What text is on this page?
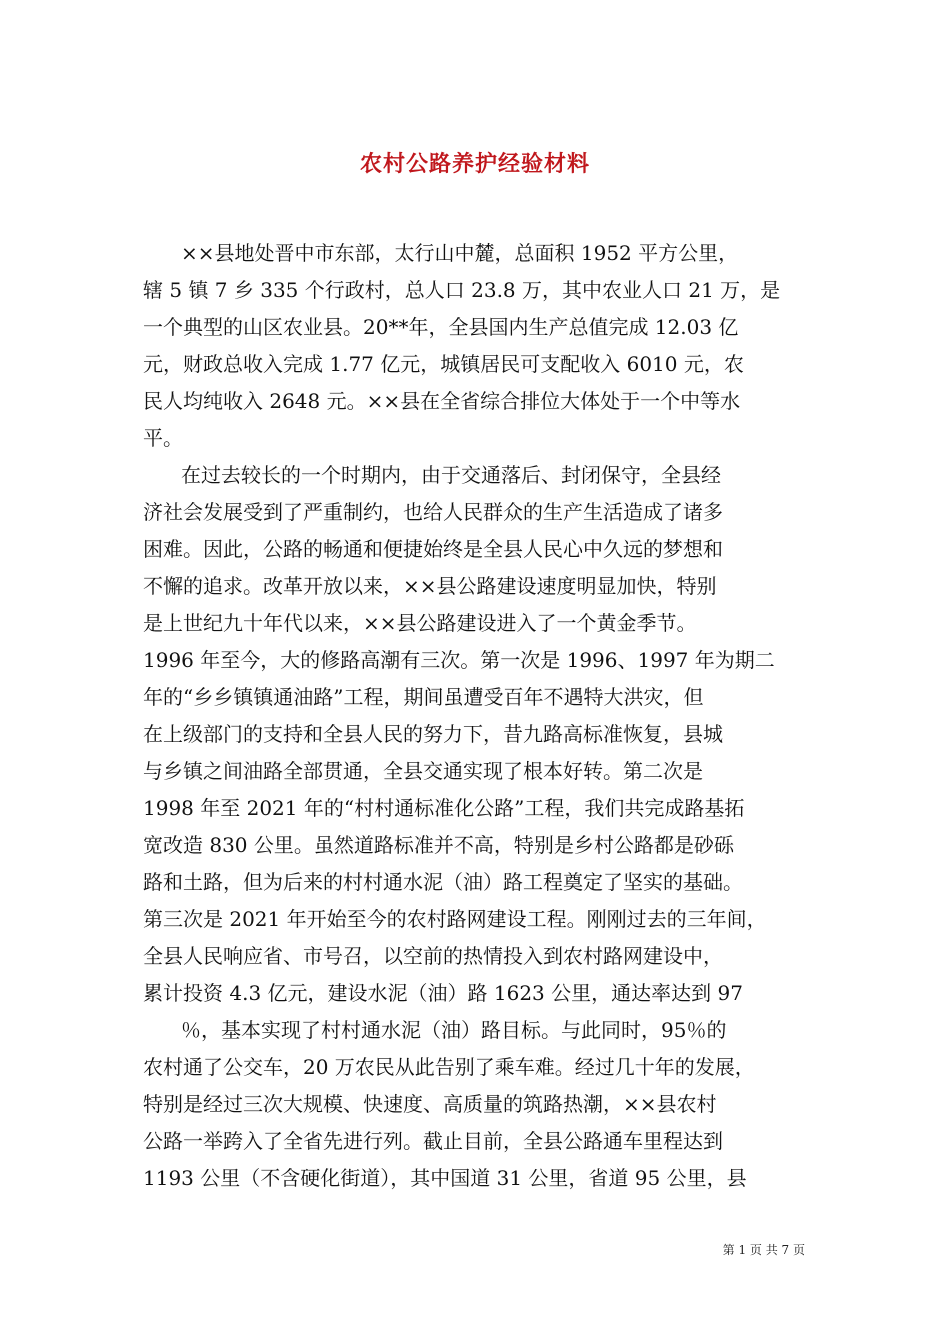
农村公路养护经验材料
××县地处晋中市东部，太行山中麓，总面积 1952 平方公里，
辖 5 镇 7 乡 335 个行政村，总人口 23.8 万，其中农业人口 21 万，是
一个典型的山区农业县。20**年，全县国内生产总值完成 12.03 亿
元，财政总收入完成 1.77 亿元，城镇居民可支配收入 6010 元，农
民人均纯收入 2648 元。××县在全省综合排位大体处于一个中等水
平。
在过去较长的一个时期内，由于交通落后、封闭保守，全县经
济社会发展受到了严重制约，也给人民群众的生产生活造成了诸多
困难。因此，公路的畅通和便捷始终是全县人民心中久远的梦想和
不懈的追求。改革开放以来，××县公路建设速度明显加快，特别
是上世纪九十年代以来，××县公路建设进入了一个黄金季节。
1996 年至今，大的修路高潮有三次。第一次是 1996、1997 年为期二
年的“乡乡镇镇通油路”工程，期间虽遭受百年不遇特大洪灾，但
在上级部门的支持和全县人民的努力下，昔九路高标准恢复，县城
与乡镇之间油路全部贯通，全县交通实现了根本好转。第二次是
1998 年至 2021 年的“村村通标准化公路”工程，我们共完成路基拓
宽改造 830 公里。虽然道路标准并不高，特别是乡村公路都是砂砾
路和土路，但为后来的村村通水泥（油）路工程奠定了坚实的基础。
第三次是 2021 年开始至今的农村路网建设工程。刚刚过去的三年间，
全县人民响应省、市号召，以空前的热情投入到农村路网建设中，
累计投资 4.3 亿元，建设水泥（油）路 1623 公里，通达率达到 97
％，基本实现了村村通水泥（油）路目标。与此同时，95％的
农村通了公交车，20 万农民从此告别了乘车难。经过几十年的发展，
特别是经过三次大规模、快速度、高质量的筑路热潮，××县农村
公路一举跨入了全省先进行列。截止目前，全县公路通车里程达到
1193 公里（不含硬化街道），其中国道 31 公里，省道 95 公里，县
第 1 页 共 7 页
